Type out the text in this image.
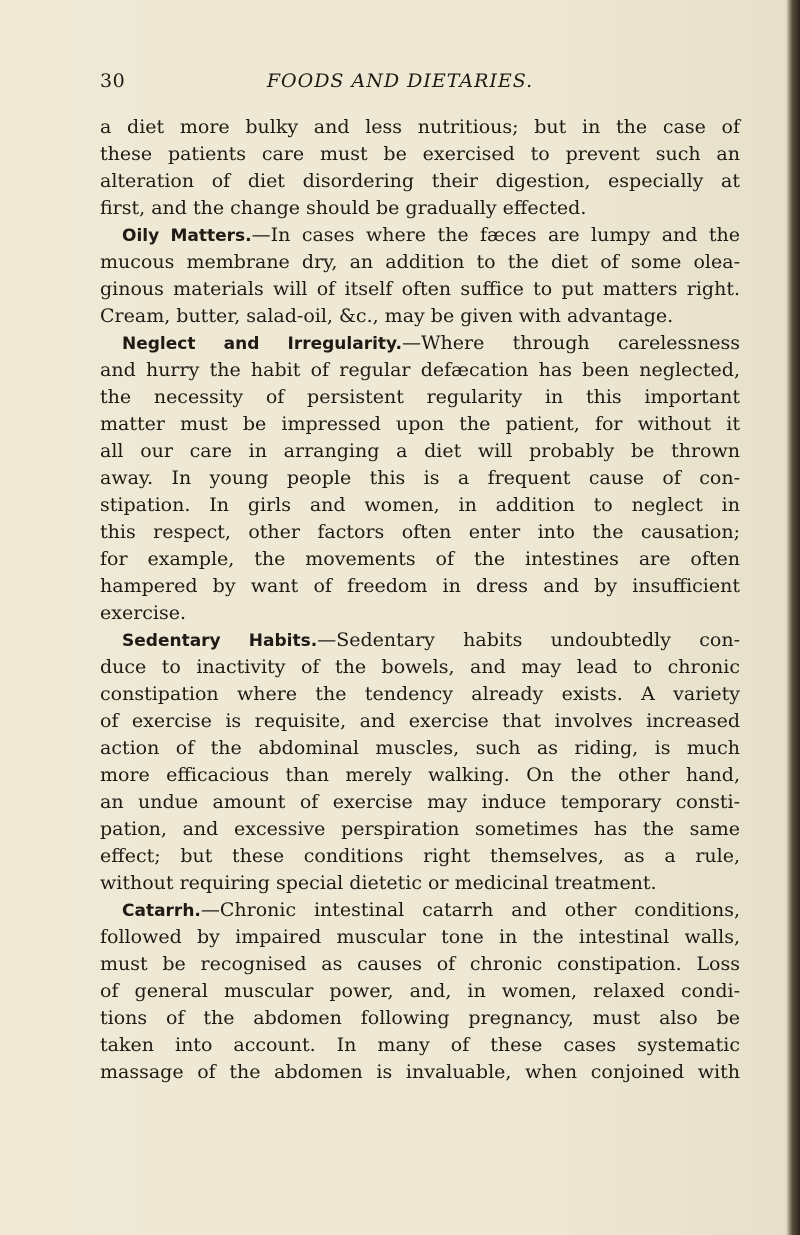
30	FOODS AND DIETARIES.
a diet more bulky and less nutritious; but in the case of
these patients care must be exercised to prevent such an
alteration of diet disordering their digestion, especially at
first, and the change should be gradually effected.
Oily Matters.—In cases where the fæces are lumpy and the
mucous membrane dry, an addition to the diet of some olea-
ginous materials will of itself often suffice to put matters right.
Cream, butter, salad-oil, &c., may be given with advantage.
Neglect and Irregularity.—Where through carelessness
and hurry the habit of regular defæcation has been neglected,
the necessity of persistent regularity in this important
matter must be impressed upon the patient, for without it
all our care in arranging a diet will probably be thrown
away. In young people this is a frequent cause of con-
stipation. In girls and women, in addition to neglect in
this respect, other factors often enter into the causation;
for example, the movements of the intestines are often
hampered by want of freedom in dress and by insufficient
exercise.
Sedentary Habits.—Sedentary habits undoubtedly con-
duce to inactivity of the bowels, and may lead to chronic
constipation where the tendency already exists. A variety
of exercise is requisite, and exercise that involves increased
action of the abdominal muscles, such as riding, is much
more efficacious than merely walking. On the other hand,
an undue amount of exercise may induce temporary consti-
pation, and excessive perspiration sometimes has the same
effect; but these conditions right themselves, as a rule,
without requiring special dietetic or medicinal treatment.
Catarrh.—Chronic intestinal catarrh and other conditions,
followed by impaired muscular tone in the intestinal walls,
must be recognised as causes of chronic constipation. Loss
of general muscular power, and, in women, relaxed condi-
tions of the abdomen following pregnancy, must also be
taken into account. In many of these cases systematic
massage of the abdomen is invaluable, when conjoined with
